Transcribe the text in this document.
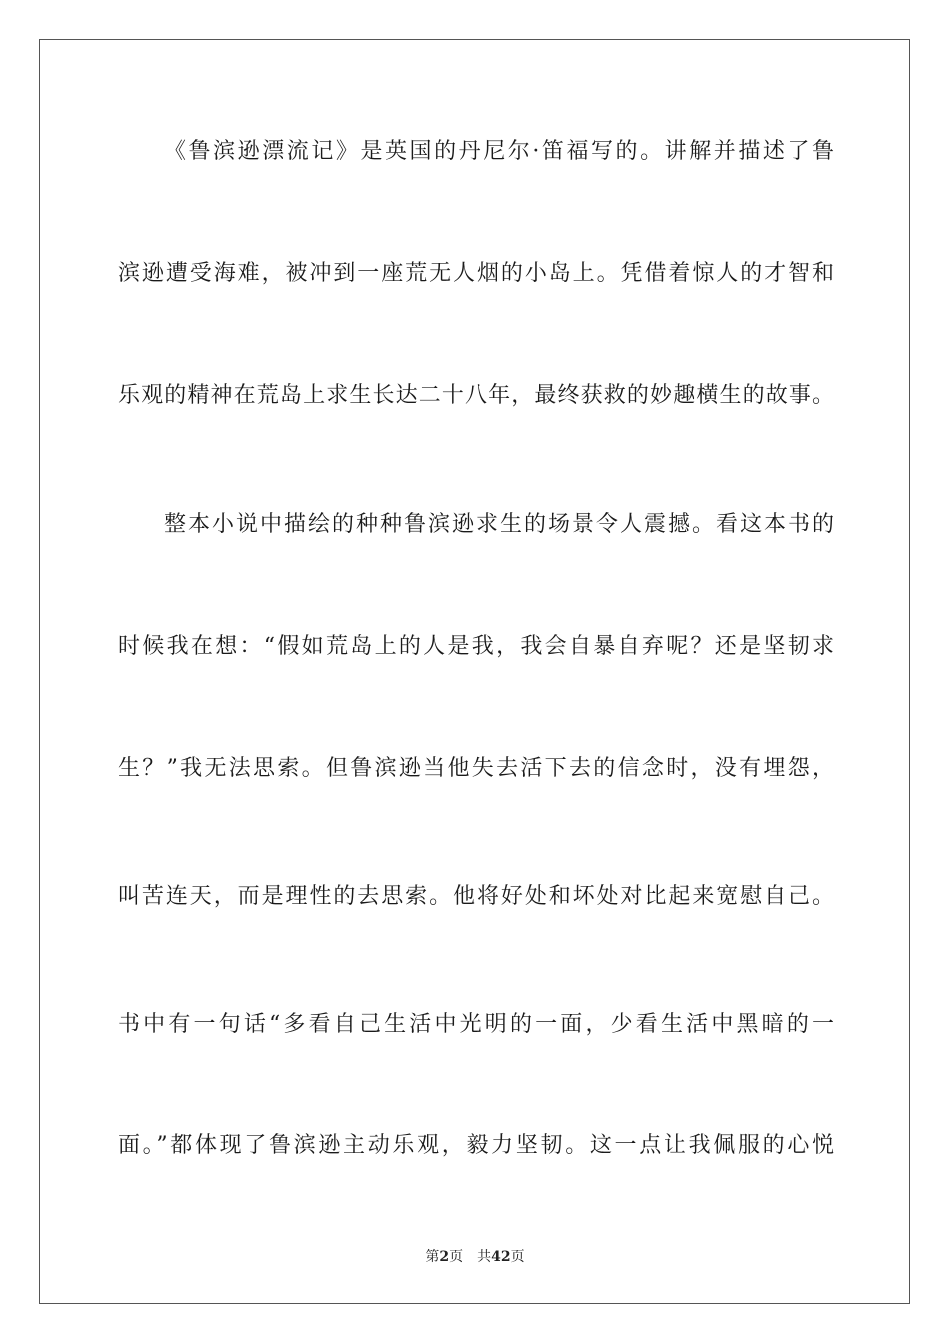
《鲁滨逊漂流记》是英国的丹尼尔·笛福写的。讲解并描述了鲁
滨逊遭受海难，被冲到一座荒无人烟的小岛上。凭借着惊人的才智和
乐观的精神在荒岛上求生长达二十八年，最终获救的妙趣横生的故事。
整本小说中描绘的种种鲁滨逊求生的场景令人震撼。看这本书的
时候我在想：“假如荒岛上的人是我，我会自暴自弃呢？还是坚韧求
生？”我无法思索。但鲁滨逊当他失去活下去的信念时，没有埋怨，
叫苦连天，而是理性的去思索。他将好处和坏处对比起来宽慰自己。
书中有一句话“多看自己生活中光明的一面，少看生活中黑暗的一
面。”都体现了鲁滨逊主动乐观，毅力坚韧。这一点让我佩服的心悦
第2页 共42页
